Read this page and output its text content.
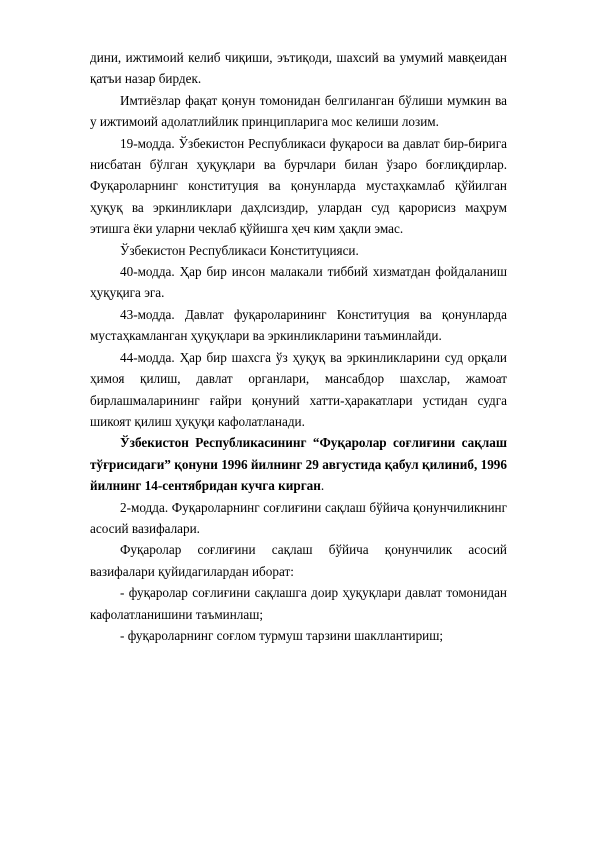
дини, ижтимоий келиб чиқиши, эътиқоди, шахсий ва умумий мавқеидан қатъи назар бирдек.

Имтиёзлар фақат қонун томонидан белгиланган бўлиши мумкин ва у ижтимоий адолатлийлик принципларига мос келиши лозим.

19-модда. Ўзбекистон Республикаси фуқароси ва давлат бир-бирига нисбатан бўлган ҳуқуқлари ва бурчлари билан ўзаро боғлиқдирлар. Фуқароларнинг конституция ва қонунларда мустаҳкамлаб қўйилган ҳуқуқ ва эркинликлари даҳлсиздир, улардан суд қарорисиз маҳрум этишга ёки уларни чеклаб қўйишга ҳеч ким ҳақли эмас.

Ўзбекистон Республикаси Конституцияси.

40-модда. Ҳар бир инсон малакали тиббий хизматдан фойдаланиш ҳуқуқига эга.

43-модда. Давлат фуқароларининг Конституция ва қонунларда мустаҳкамланган ҳуқуқлари ва эркинликларини таъминлайди.

44-модда. Ҳар бир шахсга ўз ҳуқуқ ва эркинликларини суд орқали ҳимоя қилиш, давлат органлари, мансабдор шахслар, жамоат бирлашмаларининг ғайри қонуний хатти-ҳаракатлари устидан судга шикоят қилиш ҳуқуқи кафолатланади.

Ўзбекистон Республикасининг “Фуқаролар соғлиғини сақлаш тўғрисидаги” қонуни 1996 йилнинг 29 августида қабул қилиниб, 1996 йилнинг 14-сентябридан кучга кирган.

2-модда. Фуқароларнинг соғлиғини сақлаш бўйича қонунчиликнинг асосий вазифалари.

Фуқаролар соғлиғини сақлаш бўйича қонунчилик асосий вазифалари қуйидагилардан иборат:

- фуқаролар соғлиғини сақлашга доир ҳуқуқлари давлат томонидан кафолатланишини таъминлаш;

- фуқароларнинг соғлом турмуш тарзини шакллантириш;
